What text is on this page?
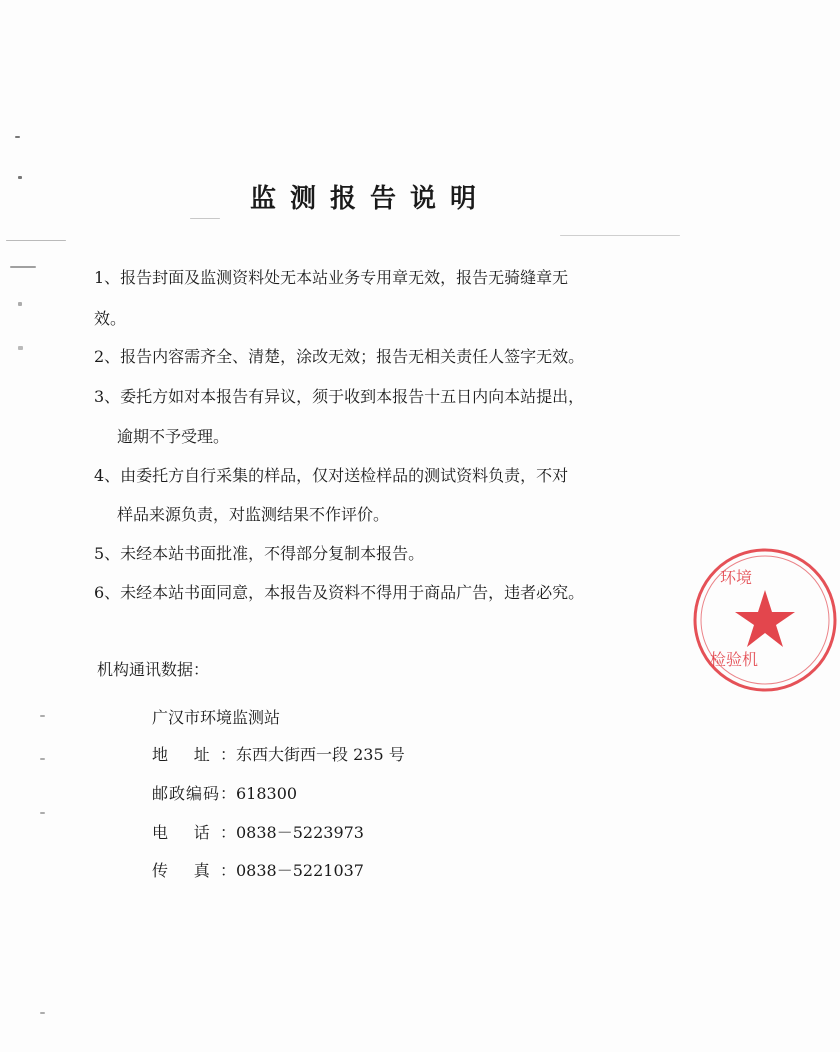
监测报告说明
1、报告封面及监测资料处无本站业务专用章无效，报告无骑缝章无
效。
2、报告内容需齐全、清楚，涂改无效；报告无相关责任人签字无效。
3、委托方如对本报告有异议，须于收到本报告十五日内向本站提出，
逾期不予受理。
4、由委托方自行采集的样品，仅对送检样品的测试资料负责，不对
样品来源负责，对监测结果不作评价。
5、未经本站书面批准，不得部分复制本报告。
6、未经本站书面同意，本报告及资料不得用于商品广告，违者必究。
机构通讯数据：
广汉市环境监测站
地 址：东西大街西一段 235 号
邮政编码：618300
电 话：0838－5223973
传 真：0838－5221037
环境
检验机
